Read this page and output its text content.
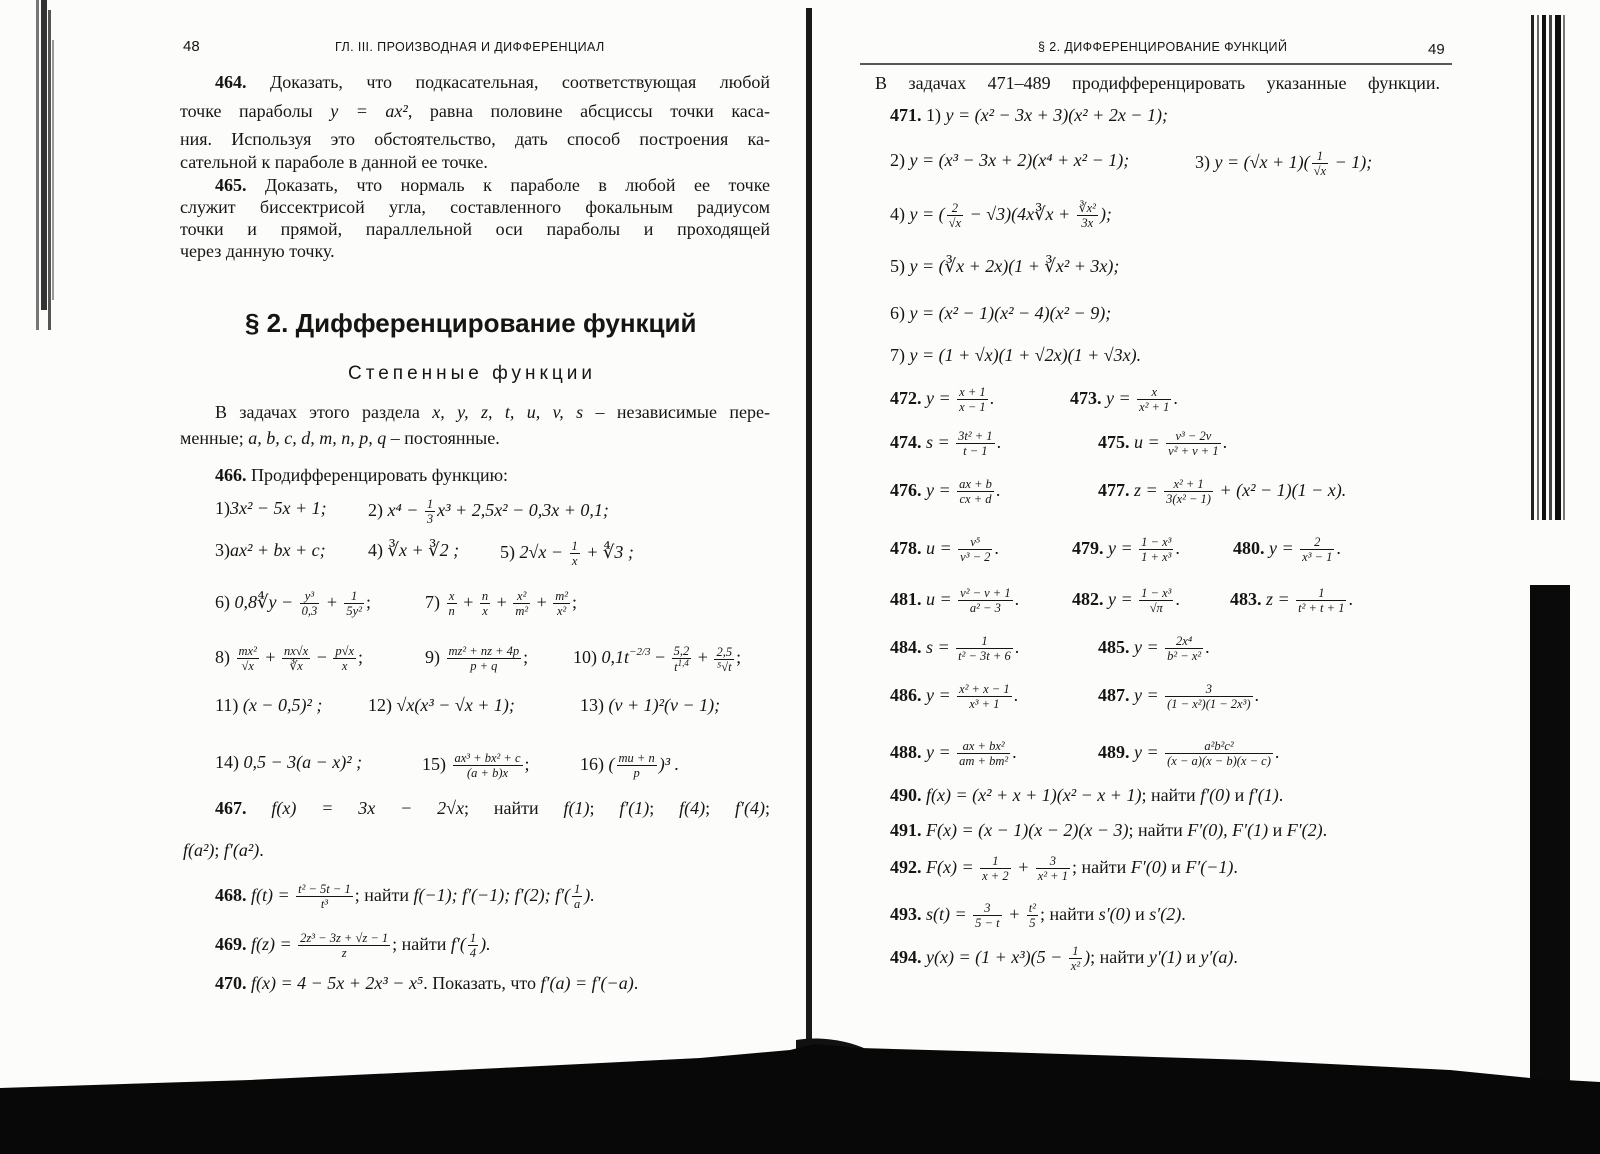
48	ГЛ. III. ПРОИЗВОДНАЯ И ДИФФЕРЕНЦИАЛ
464. Доказать, что подкасательная, соответствующая любой
точке параболы y = ax², равна половине абсциссы точки каса-
ния. Используя это обстоятельство, дать способ построения ка-
сательной к параболе в данной ее точке.
465. Доказать, что нормаль к параболе в любой ее точке
служит биссектрисой угла, составленного фокальным радиусом
точки и прямой, параллельной оси параболы и проходящей
через данную точку.
§ 2. Дифференцирование функций
Степенные функции
В задачах этого раздела x, y, z, t, u, v, s – независимые пере-
менные; a, b, c, d, m, n, p, q – постоянные.
466. Продифференцировать функцию:
1)3x² − 5x + 1; 2) $x^4 - \frac{1}{3} x^3 + 2,5x^2 - 0,3x + 0,1$;
3)ax² + bx + c; 4) ∛x + ∛2 ; 5) $2√x - \frac{1}{x}$ + ∜3 ;
6) 0,8∜y − $\frac{\text{y³}}{0,3} + \frac{1}{\text{5y²}}$ ;	$7) \frac{x}{n} + \frac{n}{x} + \frac{\text{x²}}{\text{m²}} + \frac{\text{m²}}{\text{x²}}$ ;
$8) \frac{\text{mx²}}{√x} + \frac{nx√x}{∛x} - \frac{p√x}{x}$ ;	$9) \frac{\text{mz² + nz + 4p}}{p + q}$ ; 10) $0,1t^{-2/3} - \frac{5,2}{t^{1,4}} + \frac{2,5}{\text{⁵√t}}$ ;
11) (x − 0,5)² ;	12) √x(x³ − √x + 1);	13) (v + 1)²(v − 1);
14) 0,5 − 3(a − x)² ;	$15) \frac{\text{ax³ + bx² + c}}{(a + b)x}$ ;	16) ( $\frac{mu + n}{p} )^3$ .
467. f(x) = 3x − 2√x; найти f(1); f′(1); f(4); f′(4);
f(a²); f′(a²).
468. $f(t) = \frac{\text{t² − 5t − 1}}{\text{t³}}$ ; найти f(−1); f′(−1); f′(2); $f'( \frac{1}{a}$ ).
469. $f(z) = \frac{\text{2z³ − 3z + √z − 1}}{z}$ ; найти $f'( \frac{1}{4}$ ).
470. f(x) = 4 − 5x + 2x³ − x⁵. Показать, что f′(a) = f′(−a).
§ 2. ДИФФЕРЕНЦИРОВАНИЕ ФУНКЦИЙ	49
В задачах 471–489 продифференцировать указанные функции.
471. 1) y = (x² − 3x + 3)(x² + 2x − 1);
2) y = (x³ − 3x + 2)(x⁴ + x² − 1);	3) $y = (√x + 1)( \frac{1}{√x} - 1)$;
4) y = ( $\frac{2}{√x}$ − √3)(4x∛x + $\frac{\text{∛x²}}{3x}$ );
5) y = (∛x + 2x)(1 + ∛x² + 3x);
6) y = (x² − 1)(x² − 4)(x² − 9);
7) y = (1 + √x)(1 + √2x)(1 + √3x).
472. $y = \frac{x + 1}{x - 1}$ .	473. $y = \frac{x}{\text{x² + 1}}$ .
474. $s = \frac{\text{3t² + 1}}{t - 1}$ .	475. $u = \frac{\text{v³ − 2v}}{\text{v² + v + 1}}$ .
476. $y = \frac{ax + b}{cx + d}$ .	477. $z = \frac{\text{x² + 1}}{\text{3(x² − 1)}} + (x^2 - 1)(1 - x)$.
478. $u = \frac{\text{v⁵}}{\text{v³ − 2}}$ .	479. $y = \frac{\text{1 − x³}}{\text{1 + x³}}$ .	480. $y = \frac{2}{\text{x³ − 1}}$ .
481. $u = \frac{\text{v² − v + 1}}{\text{a² − 3}}$ .	482. $y = \frac{\text{1 − x³}}{√\pi}$ .	483. $z = \frac{1}{\text{t² + t + 1}}$ .
484. $s = \frac{1}{\text{t² − 3t + 6}}$ .	485. $y = \frac{\text{2x⁴}}{\text{b² − x²}}$ .
486. $y = \frac{\text{x² + x − 1}}{\text{x³ + 1}}$ .	487. $y = \frac{3}{\text{(1 − x²)(1 − 2x³)}}$ .
488. $y = \frac{\text{ax + bx²}}{\text{am + bm²}}$ .	489. $y = \frac{\text{a²b²c²}}{(x - a)(x - b)(x - c)}$ .
490. f(x) = (x² + x + 1)(x² − x + 1); найти f′(0) и f′(1).
491. F(x) = (x − 1)(x − 2)(x − 3); найти F′(0), F′(1) и F′(2).
492. $F(x) = \frac{1}{x + 2} + \frac{3}{\text{x² + 1}}$ ; найти F′(0) и F′(−1).
493. $s(t) = \frac{3}{5 - t} + \frac{\text{t²}}{5}$ ; найти s′(0) и s′(2).
494. $y(x) = (1 + x^3)(5 - \frac{1}{\text{x²}}$ ); найти y′(1) и y′(a).
